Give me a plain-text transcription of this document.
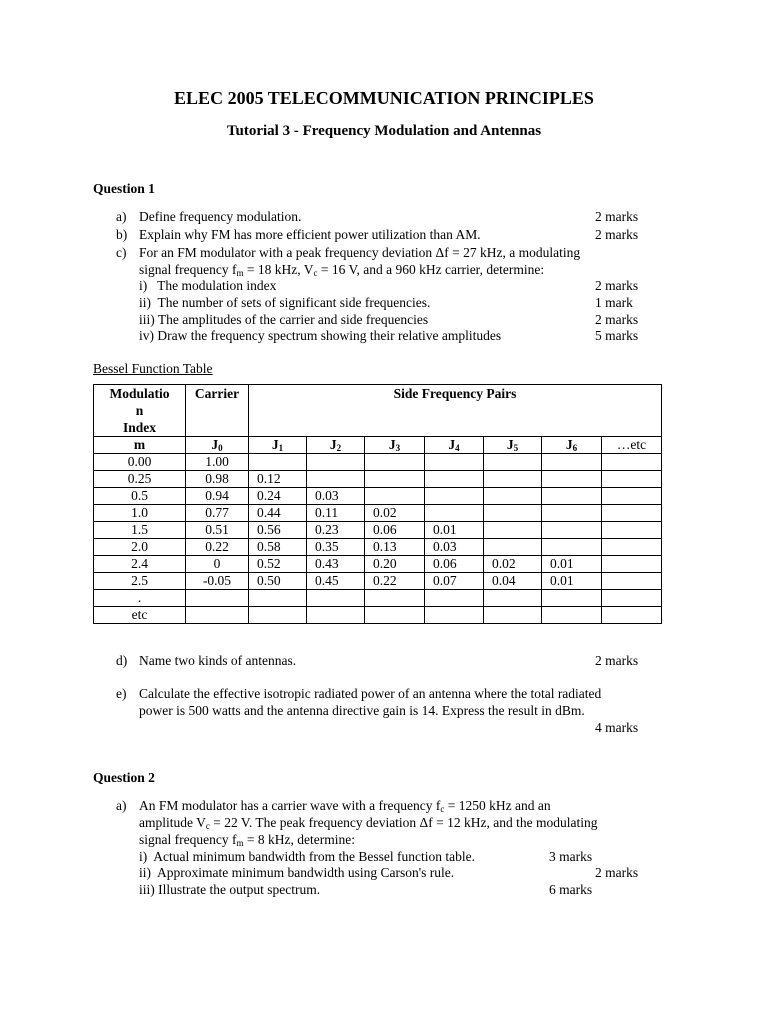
ELEC 2005 TELECOMMUNICATION PRINCIPLES
Tutorial 3 - Frequency Modulation and Antennas
Question 1
a) Define frequency modulation.	2 marks
b) Explain why FM has more efficient power utilization than AM.	2 marks
c) For an FM modulator with a peak frequency deviation Δf = 27 kHz, a modulating
signal frequency $f_m = 18$ kHz, $V_c = 16$ V, and a 960 kHz carrier, determine:
i)   The modulation index	2 marks
ii)  The number of sets of significant side frequencies.	1 mark
iii) The amplitudes of the carrier and side frequencies	2 marks
iv) Draw the frequency spectrum showing their relative amplitudes	5 marks
Bessel Function Table
Modulatio
n
Index	Carrier	Side Frequency Pairs						
m	$J_0$	$J_1$	$J_2$	$J_3$	$J_4$	$J_5$	$J_6$	…etc
0.00	1.00							
0.25	0.98	0.12						
0.5	0.94	0.24	0.03					
1.0	0.77	0.44	0.11	0.02				
1.5	0.51	0.56	0.23	0.06	0.01			
2.0	0.22	0.58	0.35	0.13	0.03			
2.4	0	0.52	0.43	0.20	0.06	0.02	0.01	
2.5	-0.05	0.50	0.45	0.22	0.07	0.04	0.01	
.								
etc								
d) Name two kinds of antennas.	2 marks
e) Calculate the effective isotropic radiated power of an antenna where the total radiated
power is 500 watts and the antenna directive gain is 14. Express the result in dBm.
4 marks
Question 2
a) An FM modulator has a carrier wave with a frequency $f_c = 1250$ kHz and an
amplitude $V_c = 22$ V. The peak frequency deviation Δf = 12 kHz, and the modulating
signal frequency $f_m = 8$ kHz, determine:
i)  Actual minimum bandwidth from the Bessel function table.	3 marks
ii)  Approximate minimum bandwidth using Carson's rule.	2 marks
iii) Illustrate the output spectrum.	6 marks
